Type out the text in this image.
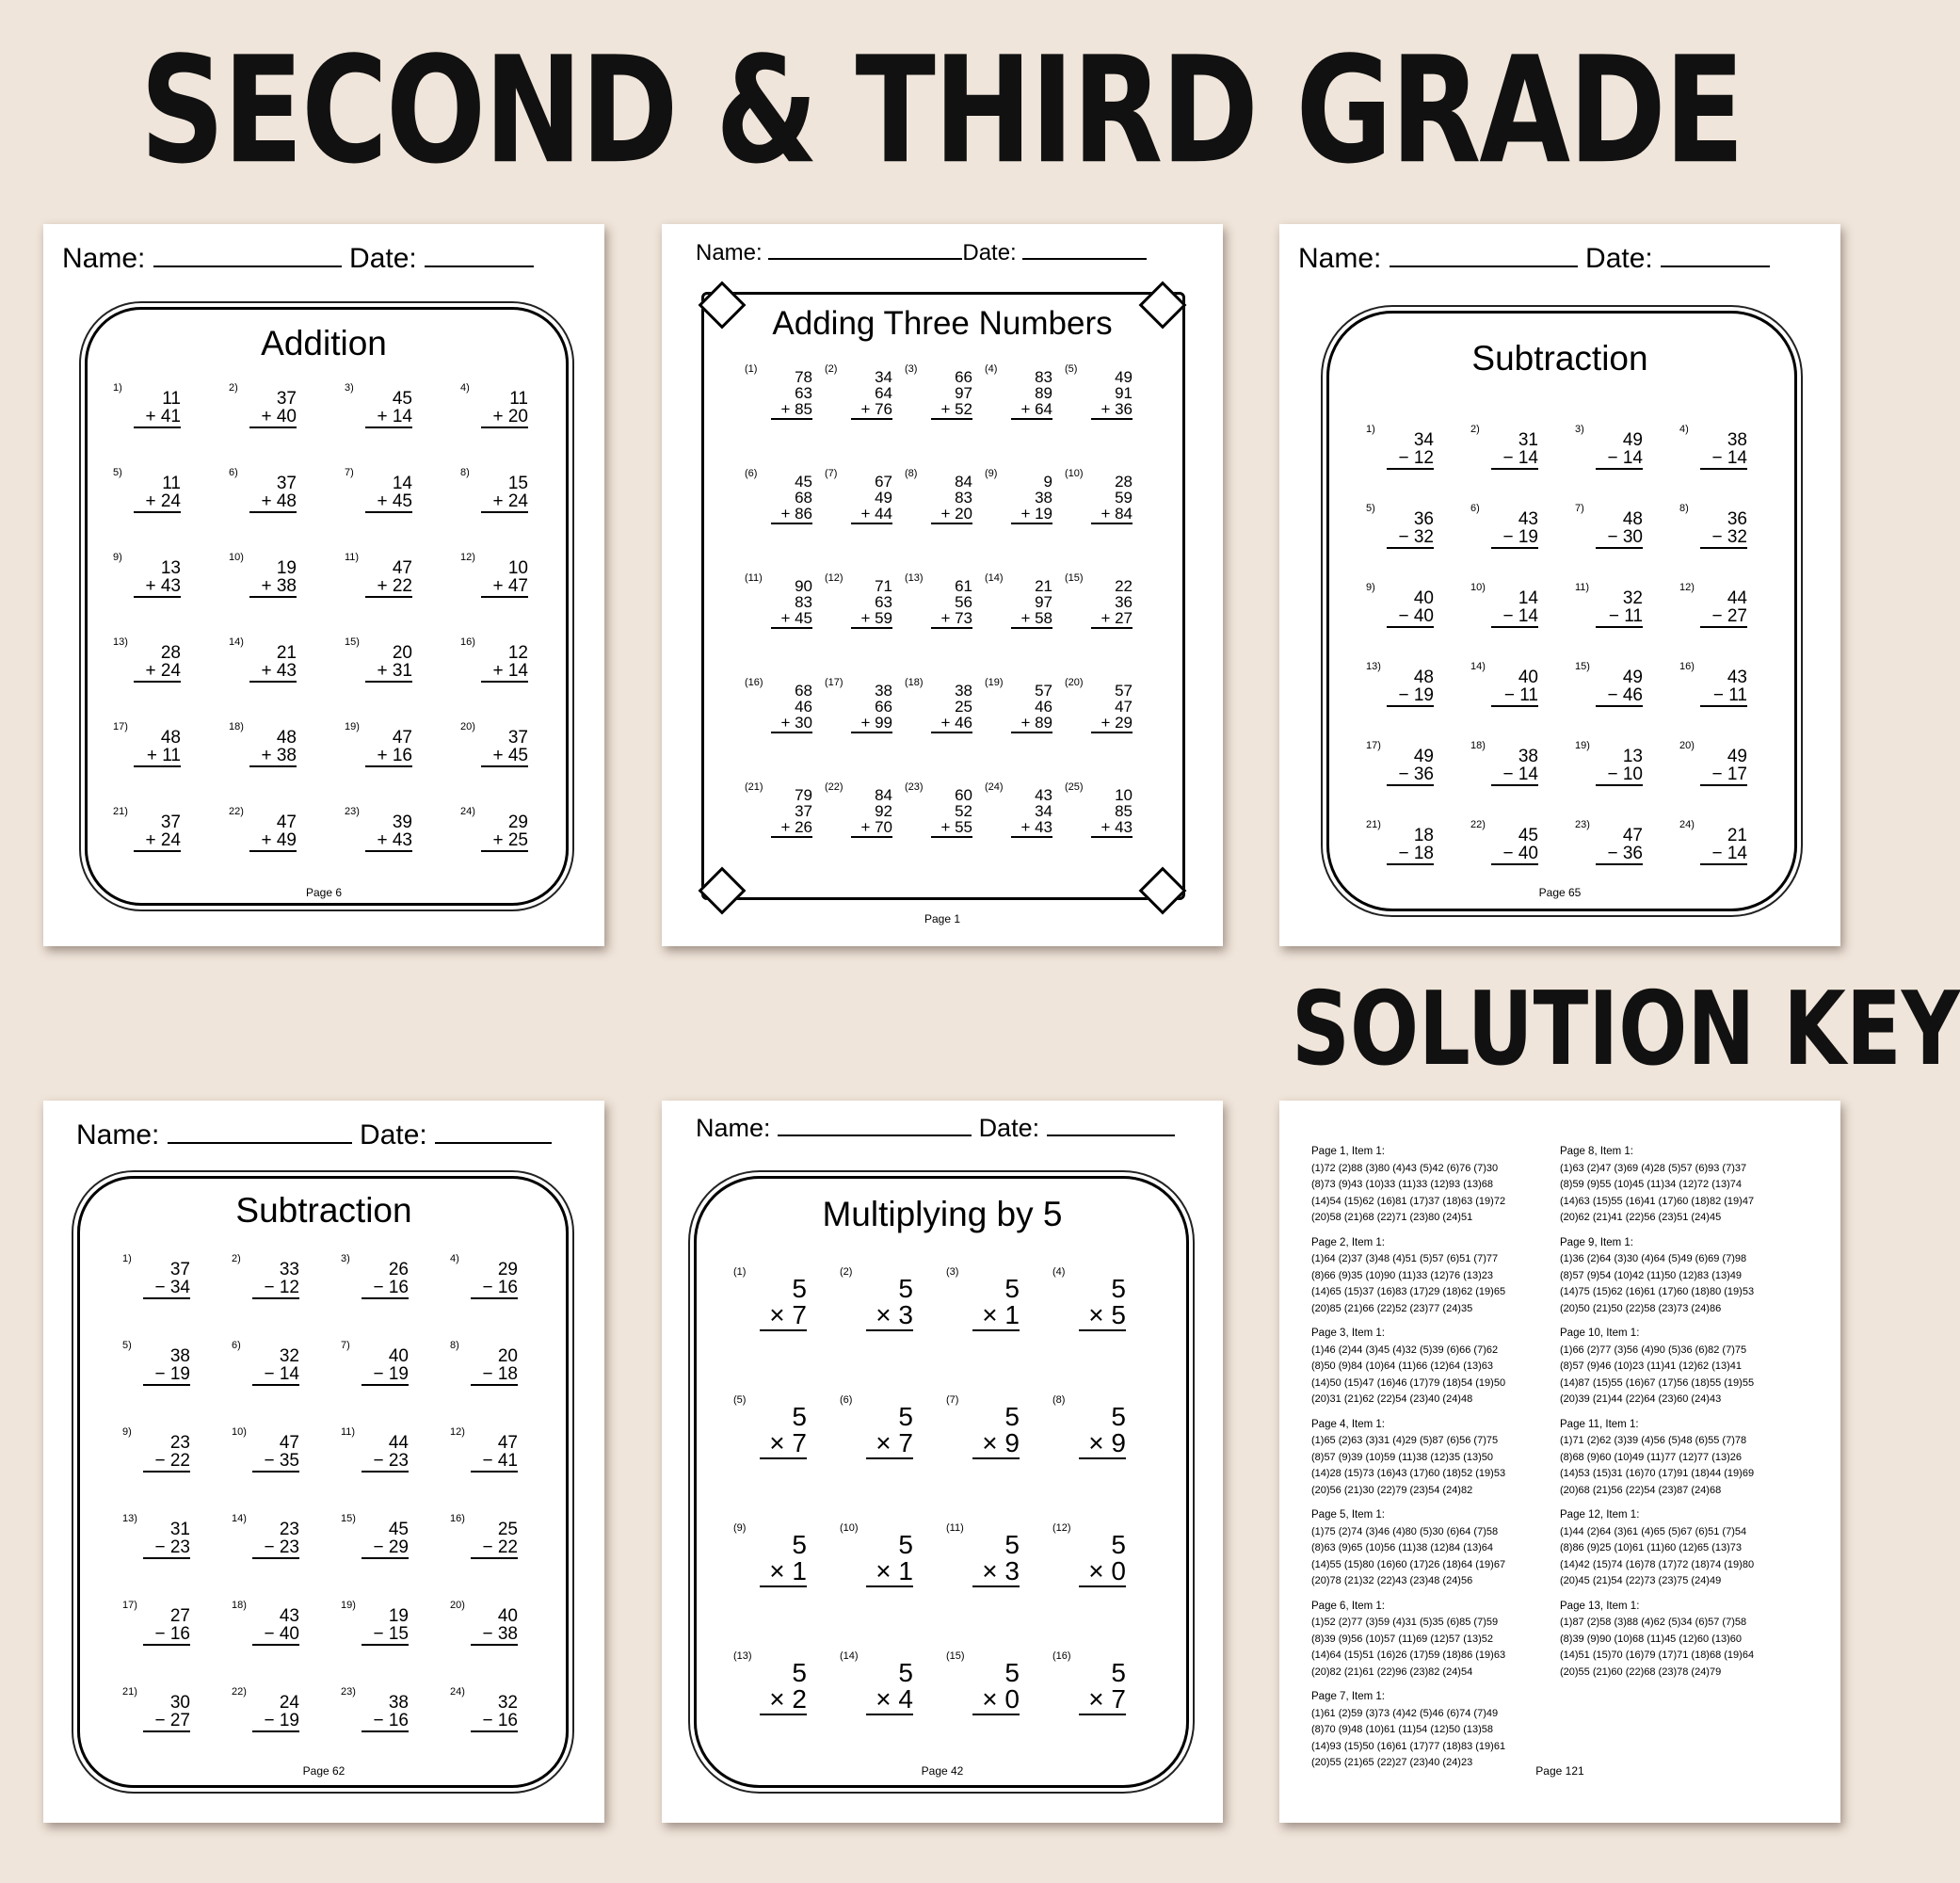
SECOND & THIRD GRADE
SOLUTION KEY
Name:	Date:
Addition
1)
11
+ 41
2)
37
+ 40
3)
45
+ 14
4)
11
+ 20
5)
11
+ 24
6)
37
+ 48
7)
14
+ 45
8)
15
+ 24
9)
13
+ 43
10)
19
+ 38
11)
47
+ 22
12)
10
+ 47
13)
28
+ 24
14)
21
+ 43
15)
20
+ 31
16)
12
+ 14
17)
48
+ 11
18)
48
+ 38
19)
47
+ 16
20)
37
+ 45
21)
37
+ 24
22)
47
+ 49
23)
39
+ 43
24)
29
+ 25
Page 6
Name:	Date:
Adding Three Numbers
(1)	78
63
+ 85
(2)	34
64
+ 76
(3)	66
97
+ 52
(4)	83
89
+ 64
(5)	49
91
+ 36
(6)	45
68
+ 86
(7)	67
49
+ 44
(8)	84
83
+ 20
(9)	9
38
+ 19
(10)	28
59
+ 84
(11)	90
83
+ 45
(12)	71
63
+ 59
(13)	61
56
+ 73
(14)	21
97
+ 58
(15)	22
36
+ 27
(16)	68
46
+ 30
(17)	38
66
+ 99
(18)	38
25
+ 46
(19)	57
46
+ 89
(20)	57
47
+ 29
(21)	79
37
+ 26
(22)	84
92
+ 70
(23)	60
52
+ 55
(24)	43
34
+ 43
(25)	10
85
+ 43
Page 1
Name:	Date:
Subtraction
1)
34
− 12
2)
31
− 14
3)
49
− 14
4)
38
− 14
5)
36
− 32
6)
43
− 19
7)
48
− 30
8)
36
− 32
9)
40
− 40
10)
14
− 14
11)
32
− 11
12)
44
− 27
13)
48
− 19
14)
40
− 11
15)
49
− 46
16)
43
− 11
17)
49
− 36
18)
38
− 14
19)
13
− 10
20)
49
− 17
21)
18
− 18
22)
45
− 40
23)
47
− 36
24)
21
− 14
Page 65
Name:	Date:
Subtraction
1)
37
− 34
2)
33
− 12
3)
26
− 16
4)
29
− 16
5)
38
− 19
6)
32
− 14
7)
40
− 19
8)
20
− 18
9)
23
− 22
10)
47
− 35
11)
44
− 23
12)
47
− 41
13)
31
− 23
14)
23
− 23
15)
45
− 29
16)
25
− 22
17)
27
− 16
18)
43
− 40
19)
19
− 15
20)
40
− 38
21)
30
− 27
22)
24
− 19
23)
38
− 16
24)
32
− 16
Page 62
Name:	Date:
Multiplying by 5
(1)
5
× 7
(2)
5
× 3
(3)
5
× 1
(4)
5
× 5
(5)
5
× 7
(6)
5
× 7
(7)
5
× 9
(8)
5
× 9
(9)
5
× 1
(10)
5
× 1
(11)
5
× 3
(12)
5
× 0
(13)
5
× 2
(14)
5
× 4
(15)
5
× 0
(16)
5
× 7
Page 42
Page 1, Item 1:
(1)72 (2)88 (3)80 (4)43 (5)42 (6)76 (7)30
(8)73 (9)43 (10)33 (11)33 (12)93 (13)68
(14)54 (15)62 (16)81 (17)37 (18)63 (19)72
(20)58 (21)68 (22)71 (23)80 (24)51
Page 2, Item 1:
(1)64 (2)37 (3)48 (4)51 (5)57 (6)51 (7)77
(8)66 (9)35 (10)90 (11)33 (12)76 (13)23
(14)65 (15)37 (16)83 (17)29 (18)62 (19)65
(20)85 (21)66 (22)52 (23)77 (24)35
Page 3, Item 1:
(1)46 (2)44 (3)45 (4)32 (5)39 (6)66 (7)62
(8)50 (9)84 (10)64 (11)66 (12)64 (13)63
(14)50 (15)47 (16)46 (17)79 (18)54 (19)50
(20)31 (21)62 (22)54 (23)40 (24)48
Page 4, Item 1:
(1)65 (2)63 (3)31 (4)29 (5)87 (6)56 (7)75
(8)57 (9)39 (10)59 (11)38 (12)35 (13)50
(14)28 (15)73 (16)43 (17)60 (18)52 (19)53
(20)56 (21)30 (22)79 (23)54 (24)82
Page 5, Item 1:
(1)75 (2)74 (3)46 (4)80 (5)30 (6)64 (7)58
(8)63 (9)65 (10)56 (11)38 (12)84 (13)64
(14)55 (15)80 (16)60 (17)26 (18)64 (19)67
(20)78 (21)32 (22)43 (23)48 (24)56
Page 6, Item 1:
(1)52 (2)77 (3)59 (4)31 (5)35 (6)85 (7)59
(8)39 (9)56 (10)57 (11)69 (12)57 (13)52
(14)64 (15)51 (16)26 (17)59 (18)86 (19)63
(20)82 (21)61 (22)96 (23)82 (24)54
Page 7, Item 1:
(1)61 (2)59 (3)73 (4)42 (5)46 (6)74 (7)49
(8)70 (9)48 (10)61 (11)54 (12)50 (13)58
(14)93 (15)50 (16)61 (17)77 (18)83 (19)61
(20)55 (21)65 (22)27 (23)40 (24)23
Page 8, Item 1:
(1)63 (2)47 (3)69 (4)28 (5)57 (6)93 (7)37
(8)59 (9)55 (10)45 (11)34 (12)72 (13)74
(14)63 (15)55 (16)41 (17)60 (18)82 (19)47
(20)62 (21)41 (22)56 (23)51 (24)45
Page 9, Item 1:
(1)36 (2)64 (3)30 (4)64 (5)49 (6)69 (7)98
(8)57 (9)54 (10)42 (11)50 (12)83 (13)49
(14)75 (15)62 (16)61 (17)60 (18)80 (19)53
(20)50 (21)50 (22)58 (23)73 (24)86
Page 10, Item 1:
(1)66 (2)77 (3)56 (4)90 (5)36 (6)82 (7)75
(8)57 (9)46 (10)23 (11)41 (12)62 (13)41
(14)87 (15)55 (16)67 (17)56 (18)55 (19)55
(20)39 (21)44 (22)64 (23)60 (24)43
Page 11, Item 1:
(1)71 (2)62 (3)39 (4)56 (5)48 (6)55 (7)78
(8)68 (9)60 (10)49 (11)77 (12)77 (13)26
(14)53 (15)31 (16)70 (17)91 (18)44 (19)69
(20)68 (21)56 (22)54 (23)87 (24)68
Page 12, Item 1:
(1)44 (2)64 (3)61 (4)65 (5)67 (6)51 (7)54
(8)86 (9)25 (10)61 (11)60 (12)65 (13)73
(14)42 (15)74 (16)78 (17)72 (18)74 (19)80
(20)45 (21)54 (22)73 (23)75 (24)49
Page 13, Item 1:
(1)87 (2)58 (3)88 (4)62 (5)34 (6)57 (7)58
(8)39 (9)90 (10)68 (11)45 (12)60 (13)60
(14)51 (15)70 (16)79 (17)71 (18)68 (19)64
(20)55 (21)60 (22)68 (23)78 (24)79
Page 121
